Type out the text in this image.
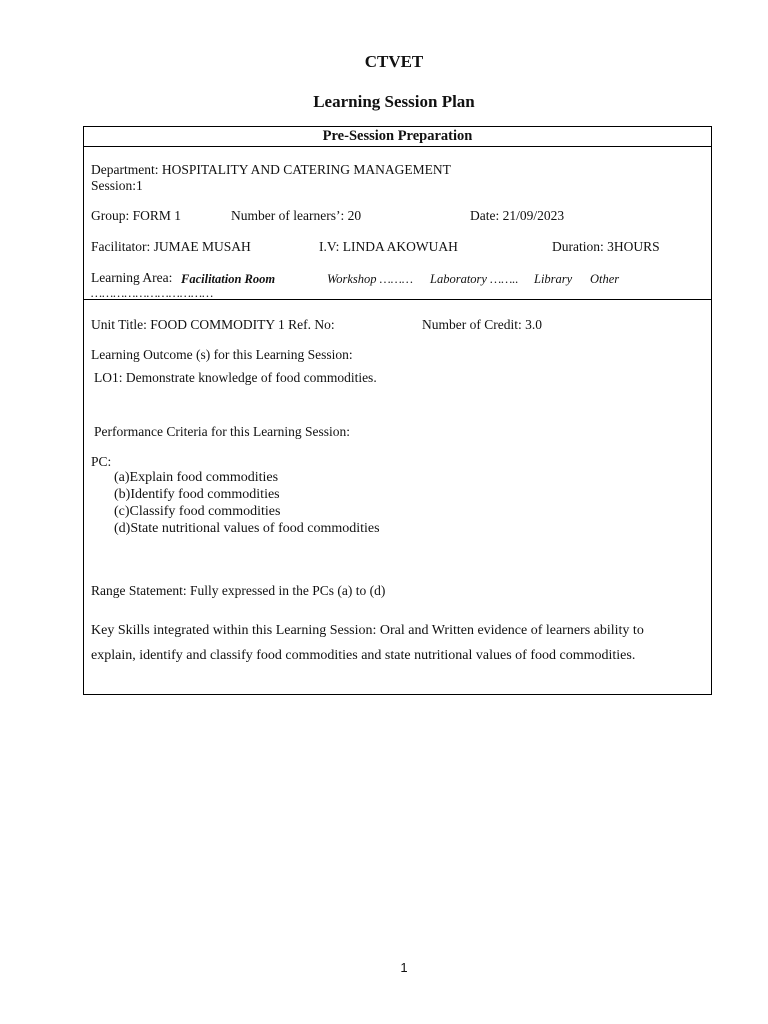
CTVET
Learning Session Plan
Pre-Session Preparation
Department: HOSPITALITY AND CATERING MANAGEMENT
Session:1
Group: FORM 1	Number of learners’: 20	Date: 21/09/2023
Facilitator: JUMAE MUSAH	I.V: LINDA AKOWUAH	Duration: 3HOURS
Learning Area: Facilitation Room	Workshop ……… Laboratory …….. Library Other
……………………………
Unit Title: FOOD COMMODITY 1 Ref. No:	Number of Credit: 3.0
Learning Outcome (s) for this Learning Session:
LO1: Demonstrate knowledge of food commodities.
Performance Criteria for this Learning Session:
PC:
(a)Explain food commodities
(b)Identify food commodities
(c)Classify food commodities
(d)State nutritional values of food commodities
Range Statement: Fully expressed in the PCs (a) to (d)
Key Skills integrated within this Learning Session: Oral and Written evidence of learners ability to
explain, identify and classify food commodities and state nutritional values of food commodities.
1
